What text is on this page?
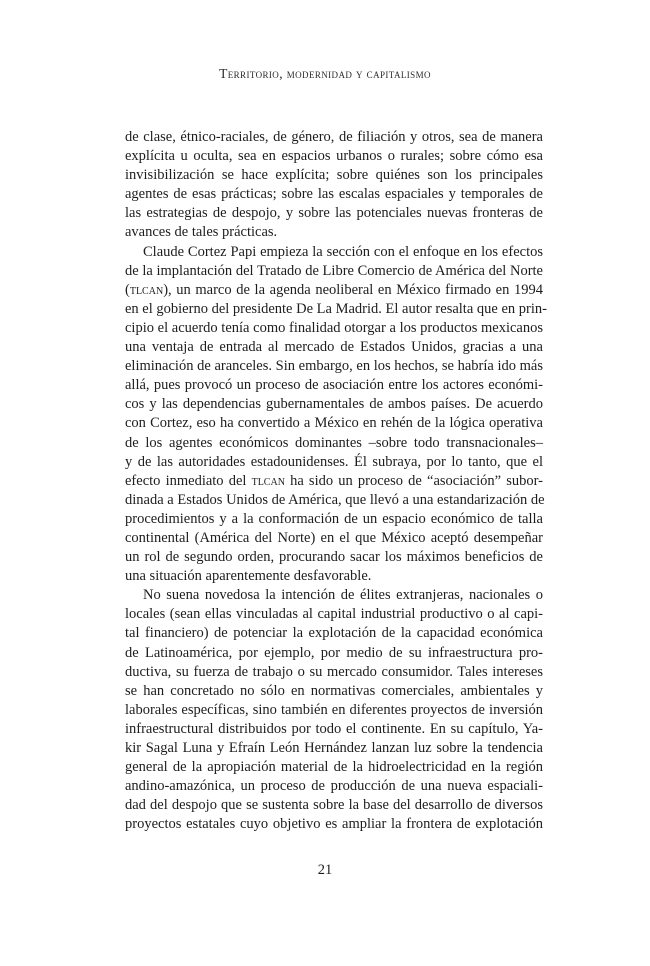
Territorio, modernidad y capitalismo
de clase, étnico-raciales, de género, de filiación y otros, sea de manera
explícita u oculta, sea en espacios urbanos o rurales; sobre cómo esa
invisibilización se hace explícita; sobre quiénes son los principales
agentes de esas prácticas; sobre las escalas espaciales y temporales de
las estrategias de despojo, y sobre las potenciales nuevas fronteras de
avances de tales prácticas.
Claude Cortez Papi empieza la sección con el enfoque en los efectos
de la implantación del Tratado de Libre Comercio de América del Norte
(tlcan), un marco de la agenda neoliberal en México firmado en 1994
en el gobierno del presidente De La Madrid. El autor resalta que en prin-
cipio el acuerdo tenía como finalidad otorgar a los productos mexicanos
una ventaja de entrada al mercado de Estados Unidos, gracias a una
eliminación de aranceles. Sin embargo, en los hechos, se habría ido más
allá, pues provocó un proceso de asociación entre los actores económi-
cos y las dependencias gubernamentales de ambos países. De acuerdo
con Cortez, eso ha convertido a México en rehén de la lógica operativa
de los agentes económicos dominantes –sobre todo transnacionales–
y de las autoridades estadounidenses. Él subraya, por lo tanto, que el
efecto inmediato del tlcan ha sido un proceso de “asociación” subor-
dinada a Estados Unidos de América, que llevó a una estandarización de
procedimientos y a la conformación de un espacio económico de talla
continental (América del Norte) en el que México aceptó desempeñar
un rol de segundo orden, procurando sacar los máximos beneficios de
una situación aparentemente desfavorable.
No suena novedosa la intención de élites extranjeras, nacionales o
locales (sean ellas vinculadas al capital industrial productivo o al capi-
tal financiero) de potenciar la explotación de la capacidad económica
de Latinoamérica, por ejemplo, por medio de su infraestructura pro-
ductiva, su fuerza de trabajo o su mercado consumidor. Tales intereses
se han concretado no sólo en normativas comerciales, ambientales y
laborales específicas, sino también en diferentes proyectos de inversión
infraestructural distribuidos por todo el continente. En su capítulo, Ya-
kir Sagal Luna y Efraín León Hernández lanzan luz sobre la tendencia
general de la apropiación material de la hidroelectricidad en la región
andino-amazónica, un proceso de producción de una nueva espaciali-
dad del despojo que se sustenta sobre la base del desarrollo de diversos
proyectos estatales cuyo objetivo es ampliar la frontera de explotación
21
